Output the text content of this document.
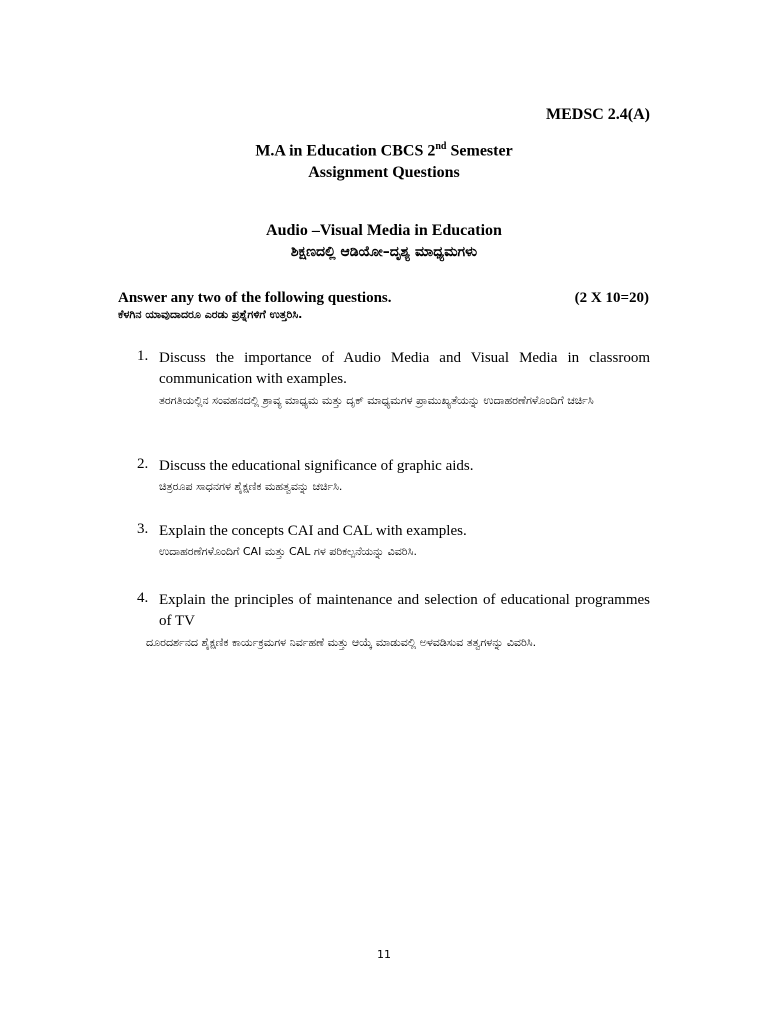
MEDSC 2.4(A)
M.A in Education CBCS 2nd Semester
Assignment Questions
Audio –Visual Media in Education
ಶಿಕ್ಷಣದಲ್ಲಿ ಆಡಿಯೋ–ದೃಶ್ಯ ಮಾಧ್ಯಮಗಳು
Answer any two of the following questions.	(2 X 10=20)
ಕೆಳಗಿನ ಯಾವುದಾದರೂ ಎರಡು ಪ್ರಶ್ನೆಗಳಿಗೆ ಉತ್ತರಿಸಿ.
1. Discuss the importance of Audio Media and Visual Media in classroom communication with examples.
ತರಗತಿಯಲ್ಲಿನ ಸಂವಹನದಲ್ಲಿ ಶ್ರಾವ್ಯ ಮಾಧ್ಯಮ ಮತ್ತು ದೃಕ್ ಮಾಧ್ಯಮಗಳ ಪ್ರಾಮುಖ್ಯತೆಯನ್ನು ಉದಾಹರಣೆಗಳೊಂದಿಗೆ ಚರ್ಚಿಸಿ
2. Discuss the educational significance of graphic aids.
ಚಿತ್ರರೂಪ ಸಾಧನಗಳ ಶೈಕ್ಷಣಿಕ ಮಹತ್ವವನ್ನು ಚರ್ಚಿಸಿ.
3. Explain the concepts CAI and CAL with examples.
ಉದಾಹರಣೆಗಳೊಂದಿಗೆ CAI ಮತ್ತು CAL ಗಳ ಪರಿಕಲ್ಪನೆಯನ್ನು ವಿವರಿಸಿ.
4. Explain the principles of maintenance and selection of educational programmes of TV
ದೂರದರ್ಶನದ ಶೈಕ್ಷಣಿಕ ಕಾರ್ಯಕ್ರಮಗಳ ನಿರ್ವಹಣೆ ಮತ್ತು ಆಯ್ಕೆ ಮಾಡುವಲ್ಲಿ ಅಳವಡಿಸುವ ತತ್ವಗಳನ್ನು ವಿವರಿಸಿ.
11
